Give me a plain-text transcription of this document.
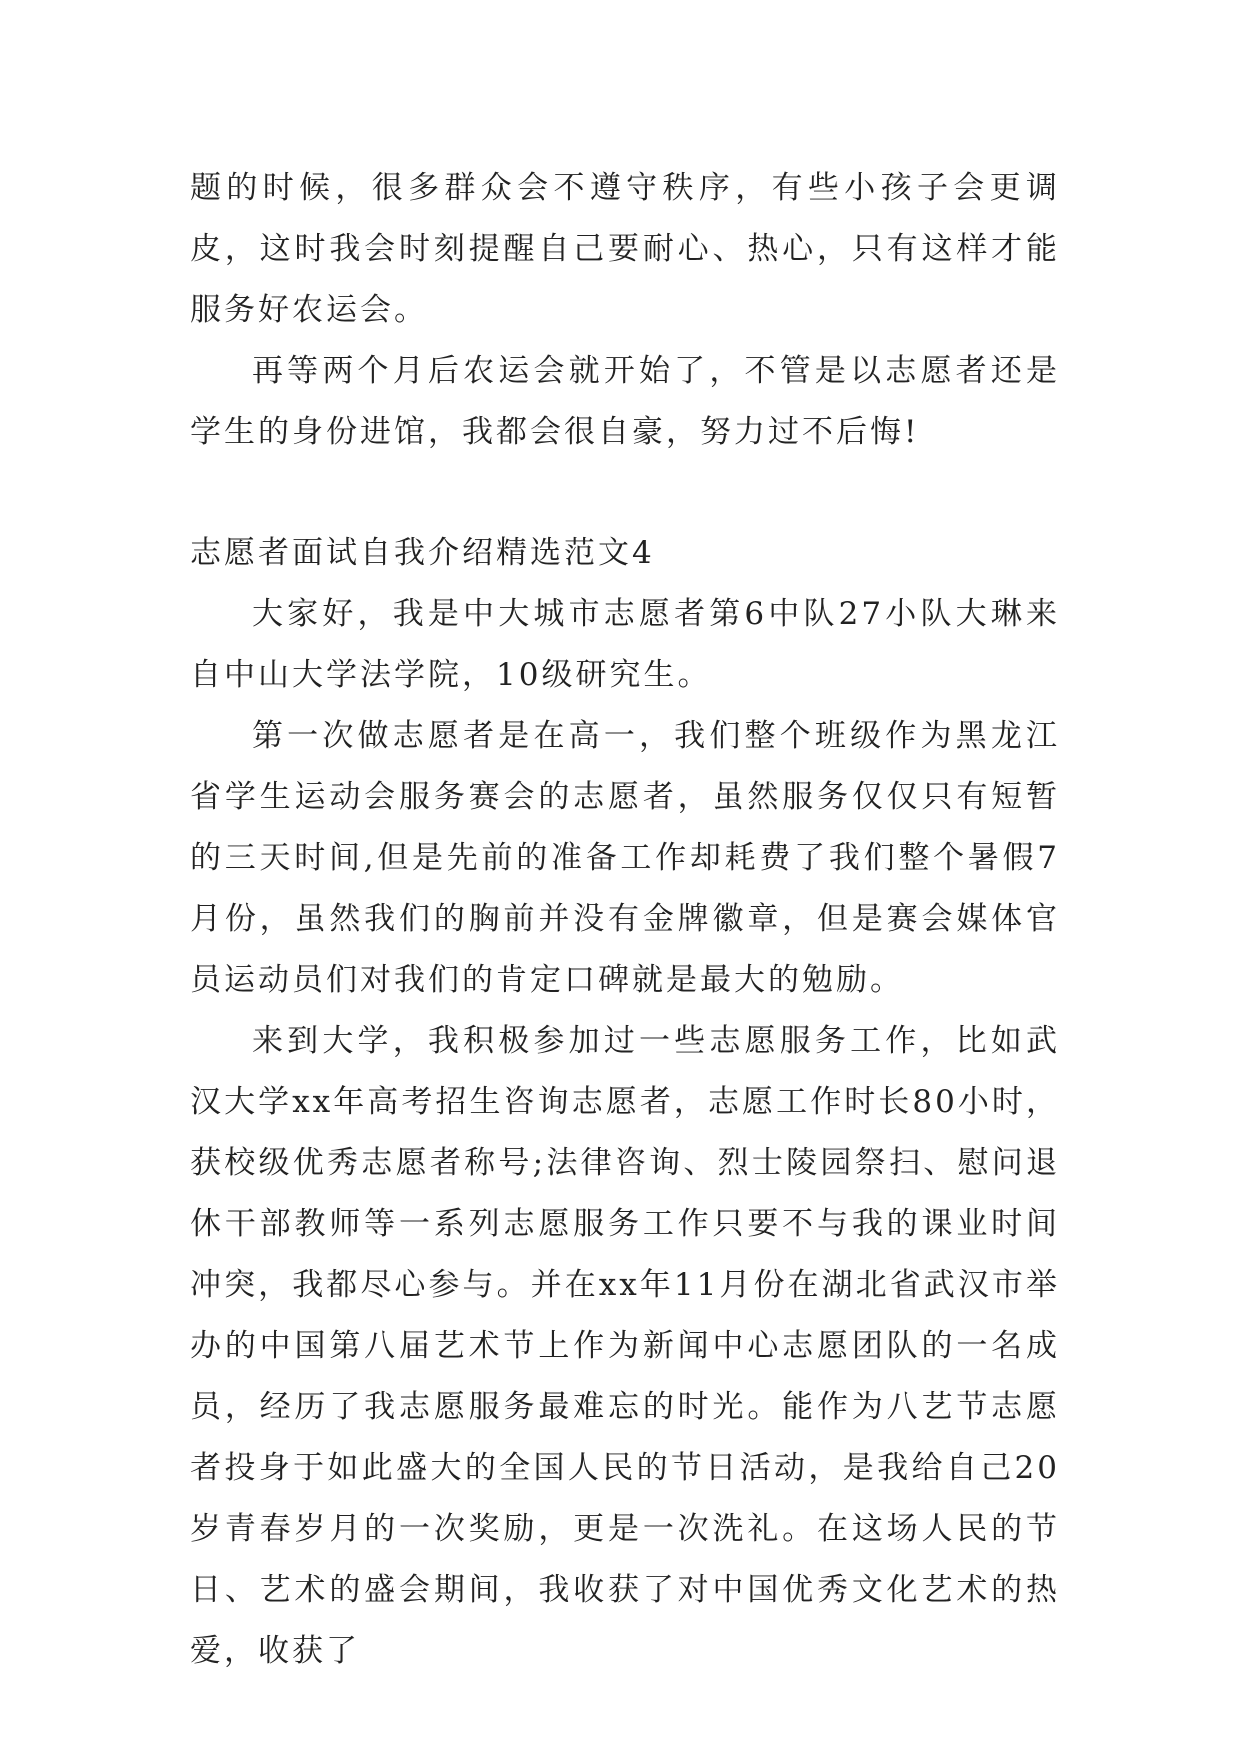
题的时候，很多群众会不遵守秩序，有些小孩子会更调皮，这时我会时刻提醒自己要耐心、热心，只有这样才能服务好农运会。

再等两个月后农运会就开始了，不管是以志愿者还是学生的身份进馆，我都会很自豪，努力过不后悔!

志愿者面试自我介绍精选范文4

大家好，我是中大城市志愿者第6中队27小队大琳来自中山大学法学院，10级研究生。

第一次做志愿者是在高一，我们整个班级作为黑龙江省学生运动会服务赛会的志愿者，虽然服务仅仅只有短暂的三天时间,但是先前的准备工作却耗费了我们整个暑假7月份，虽然我们的胸前并没有金牌徽章，但是赛会媒体官员运动员们对我们的肯定口碑就是最大的勉励。

来到大学，我积极参加过一些志愿服务工作，比如武汉大学xx年高考招生咨询志愿者，志愿工作时长80小时，获校级优秀志愿者称号;法律咨询、烈士陵园祭扫、慰问退休干部教师等一系列志愿服务工作只要不与我的课业时间冲突，我都尽心参与。并在xx年11月份在湖北省武汉市举办的中国第八届艺术节上作为新闻中心志愿团队的一名成员，经历了我志愿服务最难忘的时光。能作为八艺节志愿者投身于如此盛大的全国人民的节日活动，是我给自己20岁青春岁月的一次奖励，更是一次洗礼。在这场人民的节日、艺术的盛会期间，我收获了对中国优秀文化艺术的热爱，收获了
